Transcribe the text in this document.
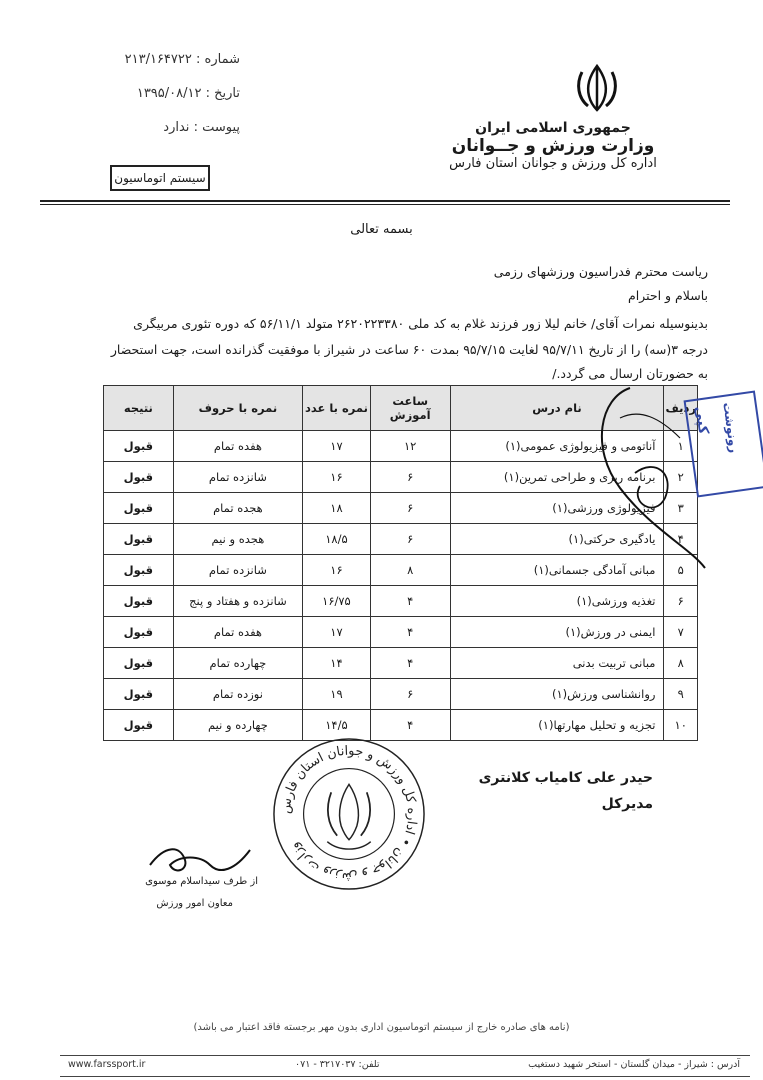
شماره : ۲۱۳/۱۶۴۷۲۲
تاریخ : ۱۳۹۵/۰۸/۱۲
پیوست : ندارد	جمهوری اسلامی ایران
وزارت ورزش و جــوانان
اداره کل ورزش و جوانان استان فارس
سیستم اتوماسیون
بسمه تعالی
ریاست محترم فدراسیون ورزشهای رزمی
باسلام و احترام
بدینوسیله نمرات آقای/ خانم لیلا زور فرزند غلام به کد ملی ۲۶۲۰۲۲۳۳۸۰ متولد ۵۶/۱۱/۱ که دوره تئوری مربیگری
درجه ۳(سه) را از تاریخ ۹۵/۷/۱۱ لغایت ۹۵/۷/۱۵ بمدت ۶۰ ساعت در شیراز با موفقیت گذرانده است، جهت استحضار
به حضورتان ارسال می گردد./
ردیف	نام درس	ساعت آموزش	نمره با عدد	نمره با حروف	نتیجه
۱	آناتومی و فیزیولوژی عمومی(۱)	۱۲	۱۷	هفده تمام	قبول
۲	برنامه ریزی و طراحی تمرین(۱)	۶	۱۶	شانزده تمام	قبول
۳	فیزیولوژی ورزشی(۱)	۶	۱۸	هجده تمام	قبول
۴	یادگیری حرکتی(۱)	۶	۱۸/۵	هجده و نیم	قبول
۵	مبانی آمادگی جسمانی(۱)	۸	۱۶	شانزده تمام	قبول
۶	تغذیه ورزشی(۱)	۴	۱۶/۷۵	شانزده و هفتاد و پنج	قبول
۷	ایمنی در ورزش(۱)	۴	۱۷	هفده تمام	قبول
۸	مبانی تربیت بدنی	۴	۱۴	چهارده تمام	قبول
۹	روانشناسی ورزش(۱)	۶	۱۹	نوزده تمام	قبول
۱۰	تجزیه و تحلیل مهارتها(۱)	۴	۱۴/۵	چهارده و نیم	قبول
کپی رونوشت
حیدر علی کامیاب کلانتری
مدیرکل
از طرف سیداسلام موسوی
معاون امور ورزش
وزارت ورزش و جوانان • اداره کل ورزش و جوانان استان فارس
(نامه های صادره خارج از سیستم اتوماسیون اداری بدون مهر برجسته فاقد اعتبار می باشد)
www.farssport.ir	تلفن: ۳۲۱۷۰۳۷ - ۰۷۱	آدرس : شیراز - میدان گلستان - استخر شهید دستغیب
